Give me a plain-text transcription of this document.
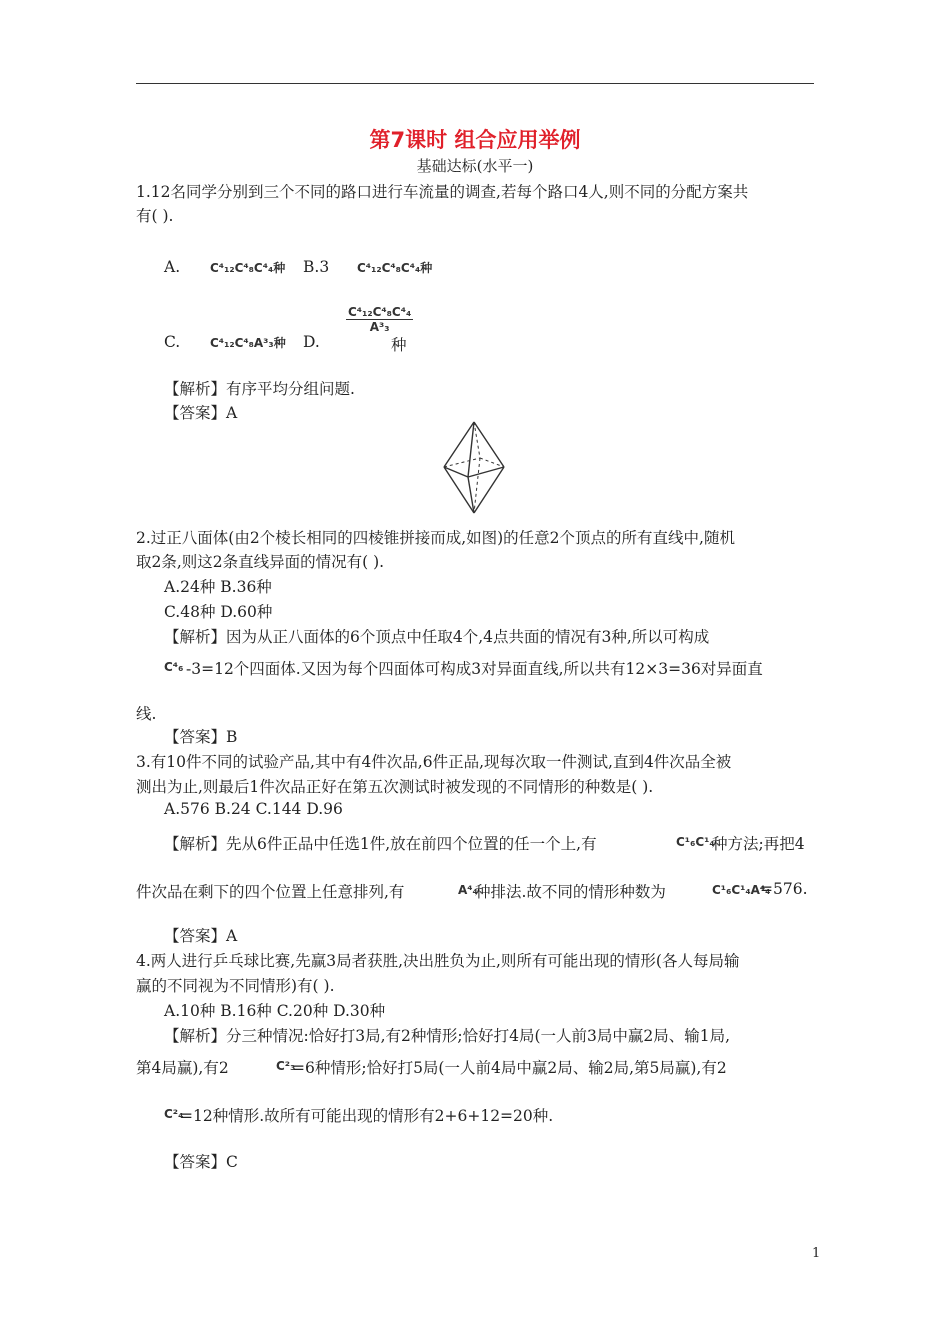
第7课时 组合应用举例
基础达标(水平一)
1.12名同学分别到三个不同的路口进行车流量的调查,若每个路口4人,则不同的分配方案共
有( ).
A. C⁴₁₂C⁴₈C⁴₄种 B.3 C⁴₁₂C⁴₈C⁴₄种
C. C⁴₁₂C⁴₈A³₃种 D.
$\frac{\text{C⁴₁₂C⁴₈C⁴₄}}{\text{A³₃}}$
种
【解析】有序平均分组问题.
【答案】A
2.过正八面体(由2个棱长相同的四棱锥拼接而成,如图)的任意2个顶点的所有直线中,随机
取2条,则这2条直线异面的情况有( ).
A.24种 B.36种
C.48种 D.60种
【解析】因为从正八面体的6个顶点中任取4个,4点共面的情况有3种,所以可构成
C⁴₆ -3=12个四面体.又因为每个四面体可构成3对异面直线,所以共有12×3=36对异面直
线.
【答案】B
3.有10件不同的试验产品,其中有4件次品,6件正品,现每次取一件测试,直到4件次品全被
测出为止,则最后1件次品正好在第五次测试时被发现的不同情形的种数是( ).
A.576 B.24 C.144 D.96
【解析】先从6件正品中任选1件,放在前四个位置的任一个上,有	C¹₆C¹₄
种方法;再把4
件次品在剩下的四个位置上任意排列,有	A⁴₄
种排法.故不同的情形种数为	C¹₆C¹₄A⁴₄
=576.
【答案】A
4.两人进行乒乓球比赛,先赢3局者获胜,决出胜负为止,则所有可能出现的情形(各人每局输
赢的不同视为不同情形)有( ).
A.10种 B.16种 C.20种 D.30种
【解析】分三种情况:恰好打3局,有2种情形;恰好打4局(一人前3局中赢2局、输1局,
第4局赢),有2	C²₃
=6种情形;恰好打5局(一人前4局中赢2局、输2局,第5局赢),有2
C²₄
=12种情形.故所有可能出现的情形有2+6+12=20种.
【答案】C
1
